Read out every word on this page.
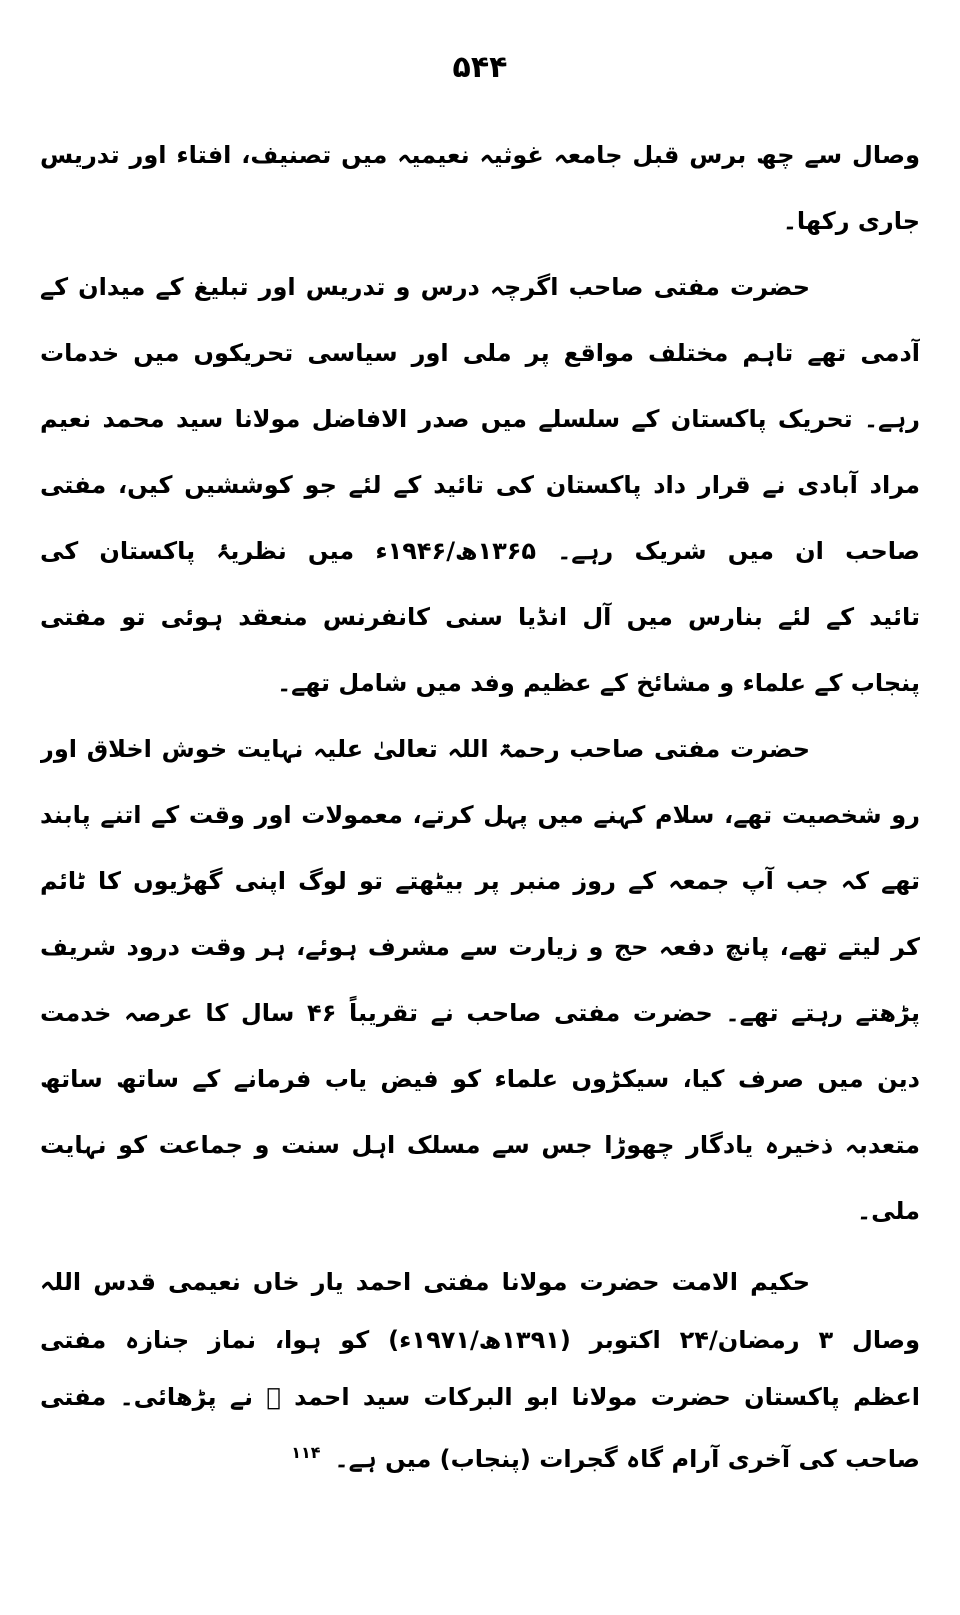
۵۴۴
وصال سے چھ برس قبل جامعہ غوثیہ نعیمیہ میں تصنیف، افتاء اور تدریس
جاری رکھا۔
حضرت مفتی صاحب اگرچہ درس و تدریس اور تبلیغ کے میدان کے
آدمی تھے تاہم مختلف مواقع پر ملی اور سیاسی تحریکوں میں خدمات
رہے۔ تحریک پاکستان کے سلسلے میں صدر الافاضل مولانا سید محمد نعیم
مراد آبادی نے قرار داد پاکستان کی تائید کے لئے جو کوششیں کیں، مفتی
صاحب ان میں شریک رہے۔ ۱۳۶۵ھ/۱۹۴۶ء میں نظریۂ پاکستان کی
تائید کے لئے بنارس میں آل انڈیا سنی کانفرنس منعقد ہوئی تو مفتی
پنجاب کے علماء و مشائخ کے عظیم وفد میں شامل تھے۔
حضرت مفتی صاحب رحمۃ اللہ تعالیٰ علیہ نہایت خوش اخلاق اور
رو شخصیت تھے، سلام کہنے میں پہل کرتے، معمولات اور وقت کے اتنے پابند
تھے کہ جب آپ جمعہ کے روز منبر پر بیٹھتے تو لوگ اپنی گھڑیوں کا ٹائم
کر لیتے تھے، پانچ دفعہ حج و زیارت سے مشرف ہوئے، ہر وقت درود شریف
پڑھتے رہتے تھے۔ حضرت مفتی صاحب نے تقریباً ۴۶ سال کا عرصہ خدمت
دین میں صرف کیا، سیکڑوں علماء کو فیض یاب فرمانے کے ساتھ ساتھ
متعدبہ ذخیرہ یادگار چھوڑا جس سے مسلک اہل سنت و جماعت کو نہایت
ملی۔
حکیم الامت حضرت مولانا مفتی احمد یار خاں نعیمی قدس اللہ
وصال ۳ رمضان/۲۴ اکتوبر (۱۳۹۱ھ/۱۹۷۱ء) کو ہوا، نماز جنازہ مفتی
اعظم پاکستان حضرت مولانا ابو البرکات سید احمد ﷫ نے پڑھائی۔ مفتی
صاحب کی آخری آرام گاہ گجرات (پنجاب) میں ہے۔$^{۱۱۴}$
